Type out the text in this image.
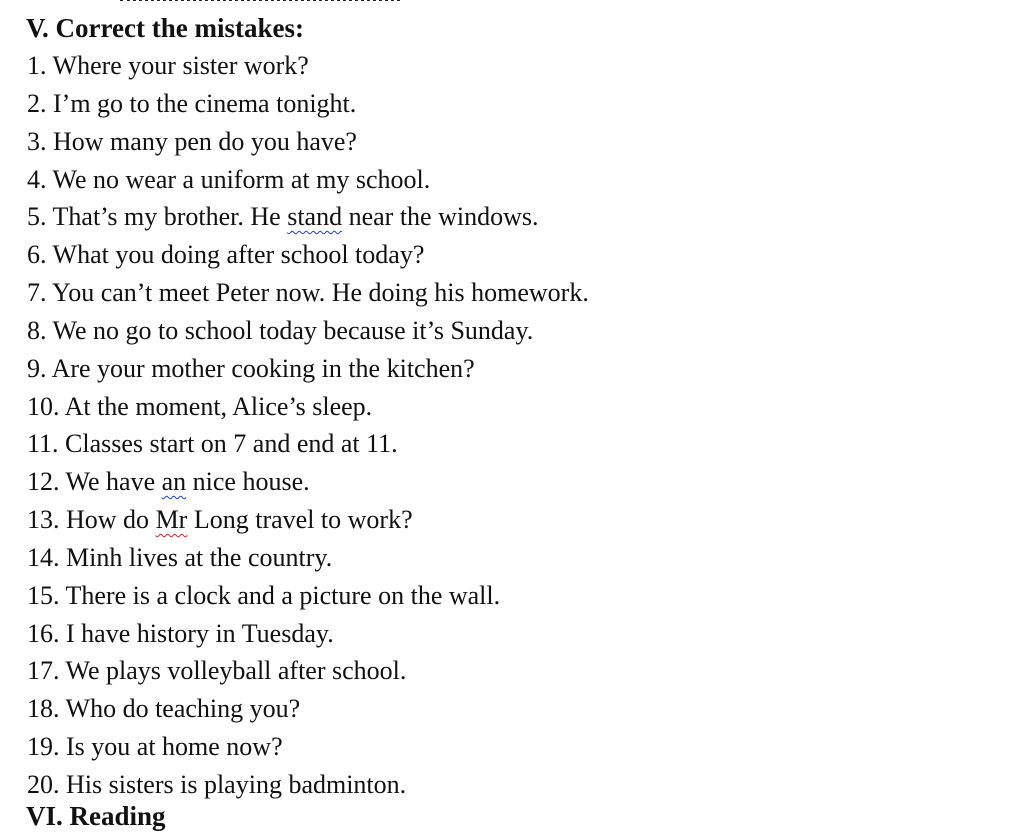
V. Correct the mistakes:
1. Where your sister work?
2. I’m go to the cinema tonight.
3. How many pen do you have?
4. We no wear a uniform at my school.
5. That’s my brother. He stand near the windows.
6. What you doing after school today?
7. You can’t meet Peter now. He doing his homework.
8. We no go to school today because it’s Sunday.
9. Are your mother cooking in the kitchen?
10. At the moment, Alice’s sleep.
11. Classes start on 7 and end at 11.
12. We have an nice house.
13. How do Mr Long travel to work?
14. Minh lives at the country.
15. There is a clock and a picture on the wall.
16. I have history in Tuesday.
17. We plays volleyball after school.
18. Who do teaching you?
19. Is you at home now?
20. His sisters is playing badminton.
VI. Reading
